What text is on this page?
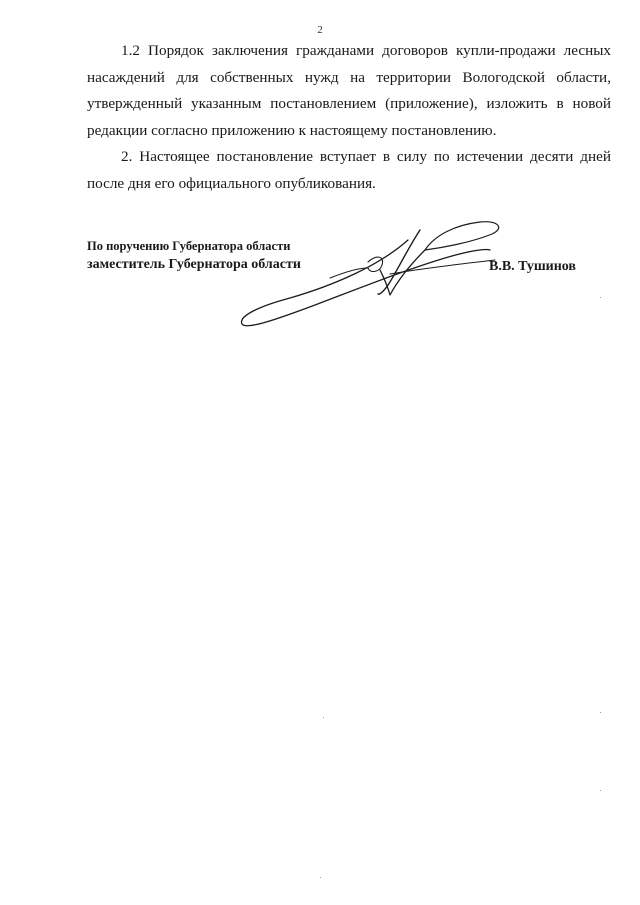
2

1.2 Порядок заключения гражданами договоров купли-продажи лесных насаждений для собственных нужд на территории Вологодской области, утвержденный указанным постановлением (приложение), изложить в новой редакции согласно приложению к настоящему постановлению.

2. Настоящее постановление вступает в силу по истечении десяти дней после дня его официального опубликования.

По поручению Губернатора области
заместитель Губернатора области	В.В. Тушинов
